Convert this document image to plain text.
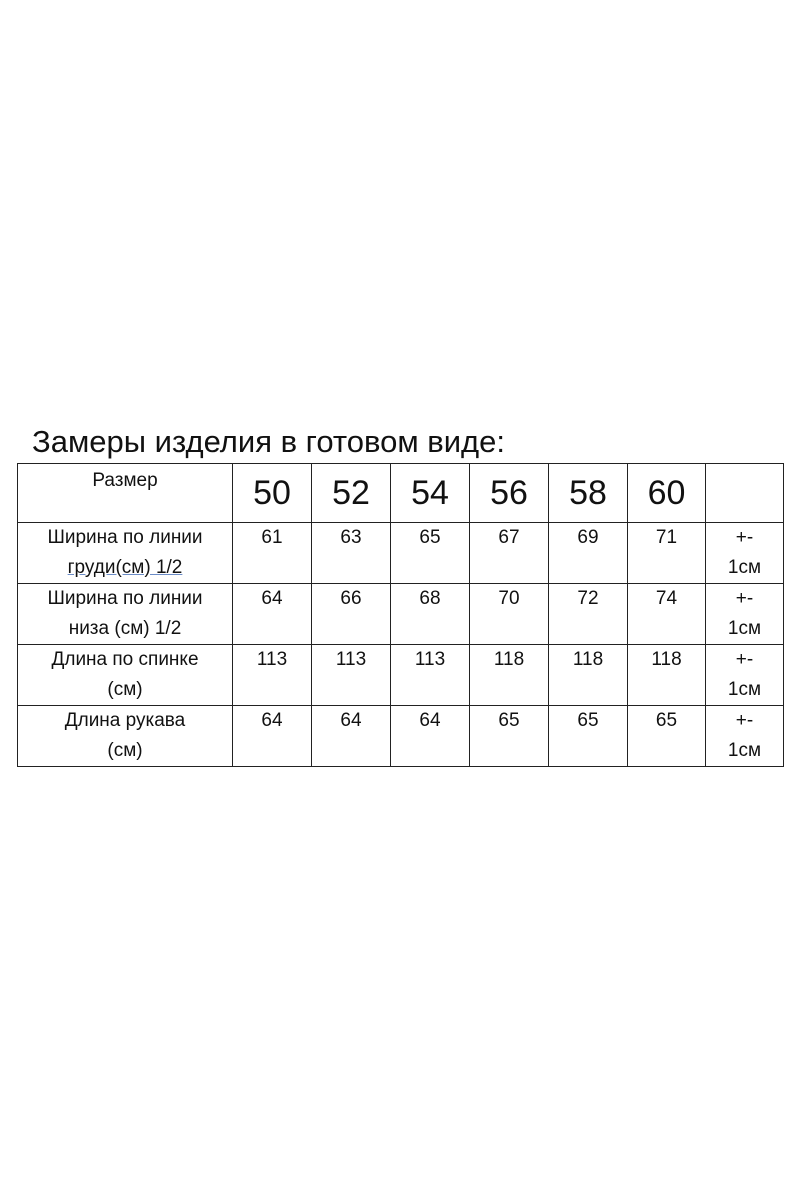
Замеры изделия в готовом виде:
Размер	50	52	54	56	58	60	

Ширина по линии
груди(см) 1/2	61	63	65	67	69	71	+-
1см

Ширина по линии
низа (см) 1/2	64	66	68	70	72	74	+-
1см

Длина по спинке
(см)	113	113	113	118	118	118	+-
1см

Длина рукава
(см)	64	64	64	65	65	65	+-
1см
